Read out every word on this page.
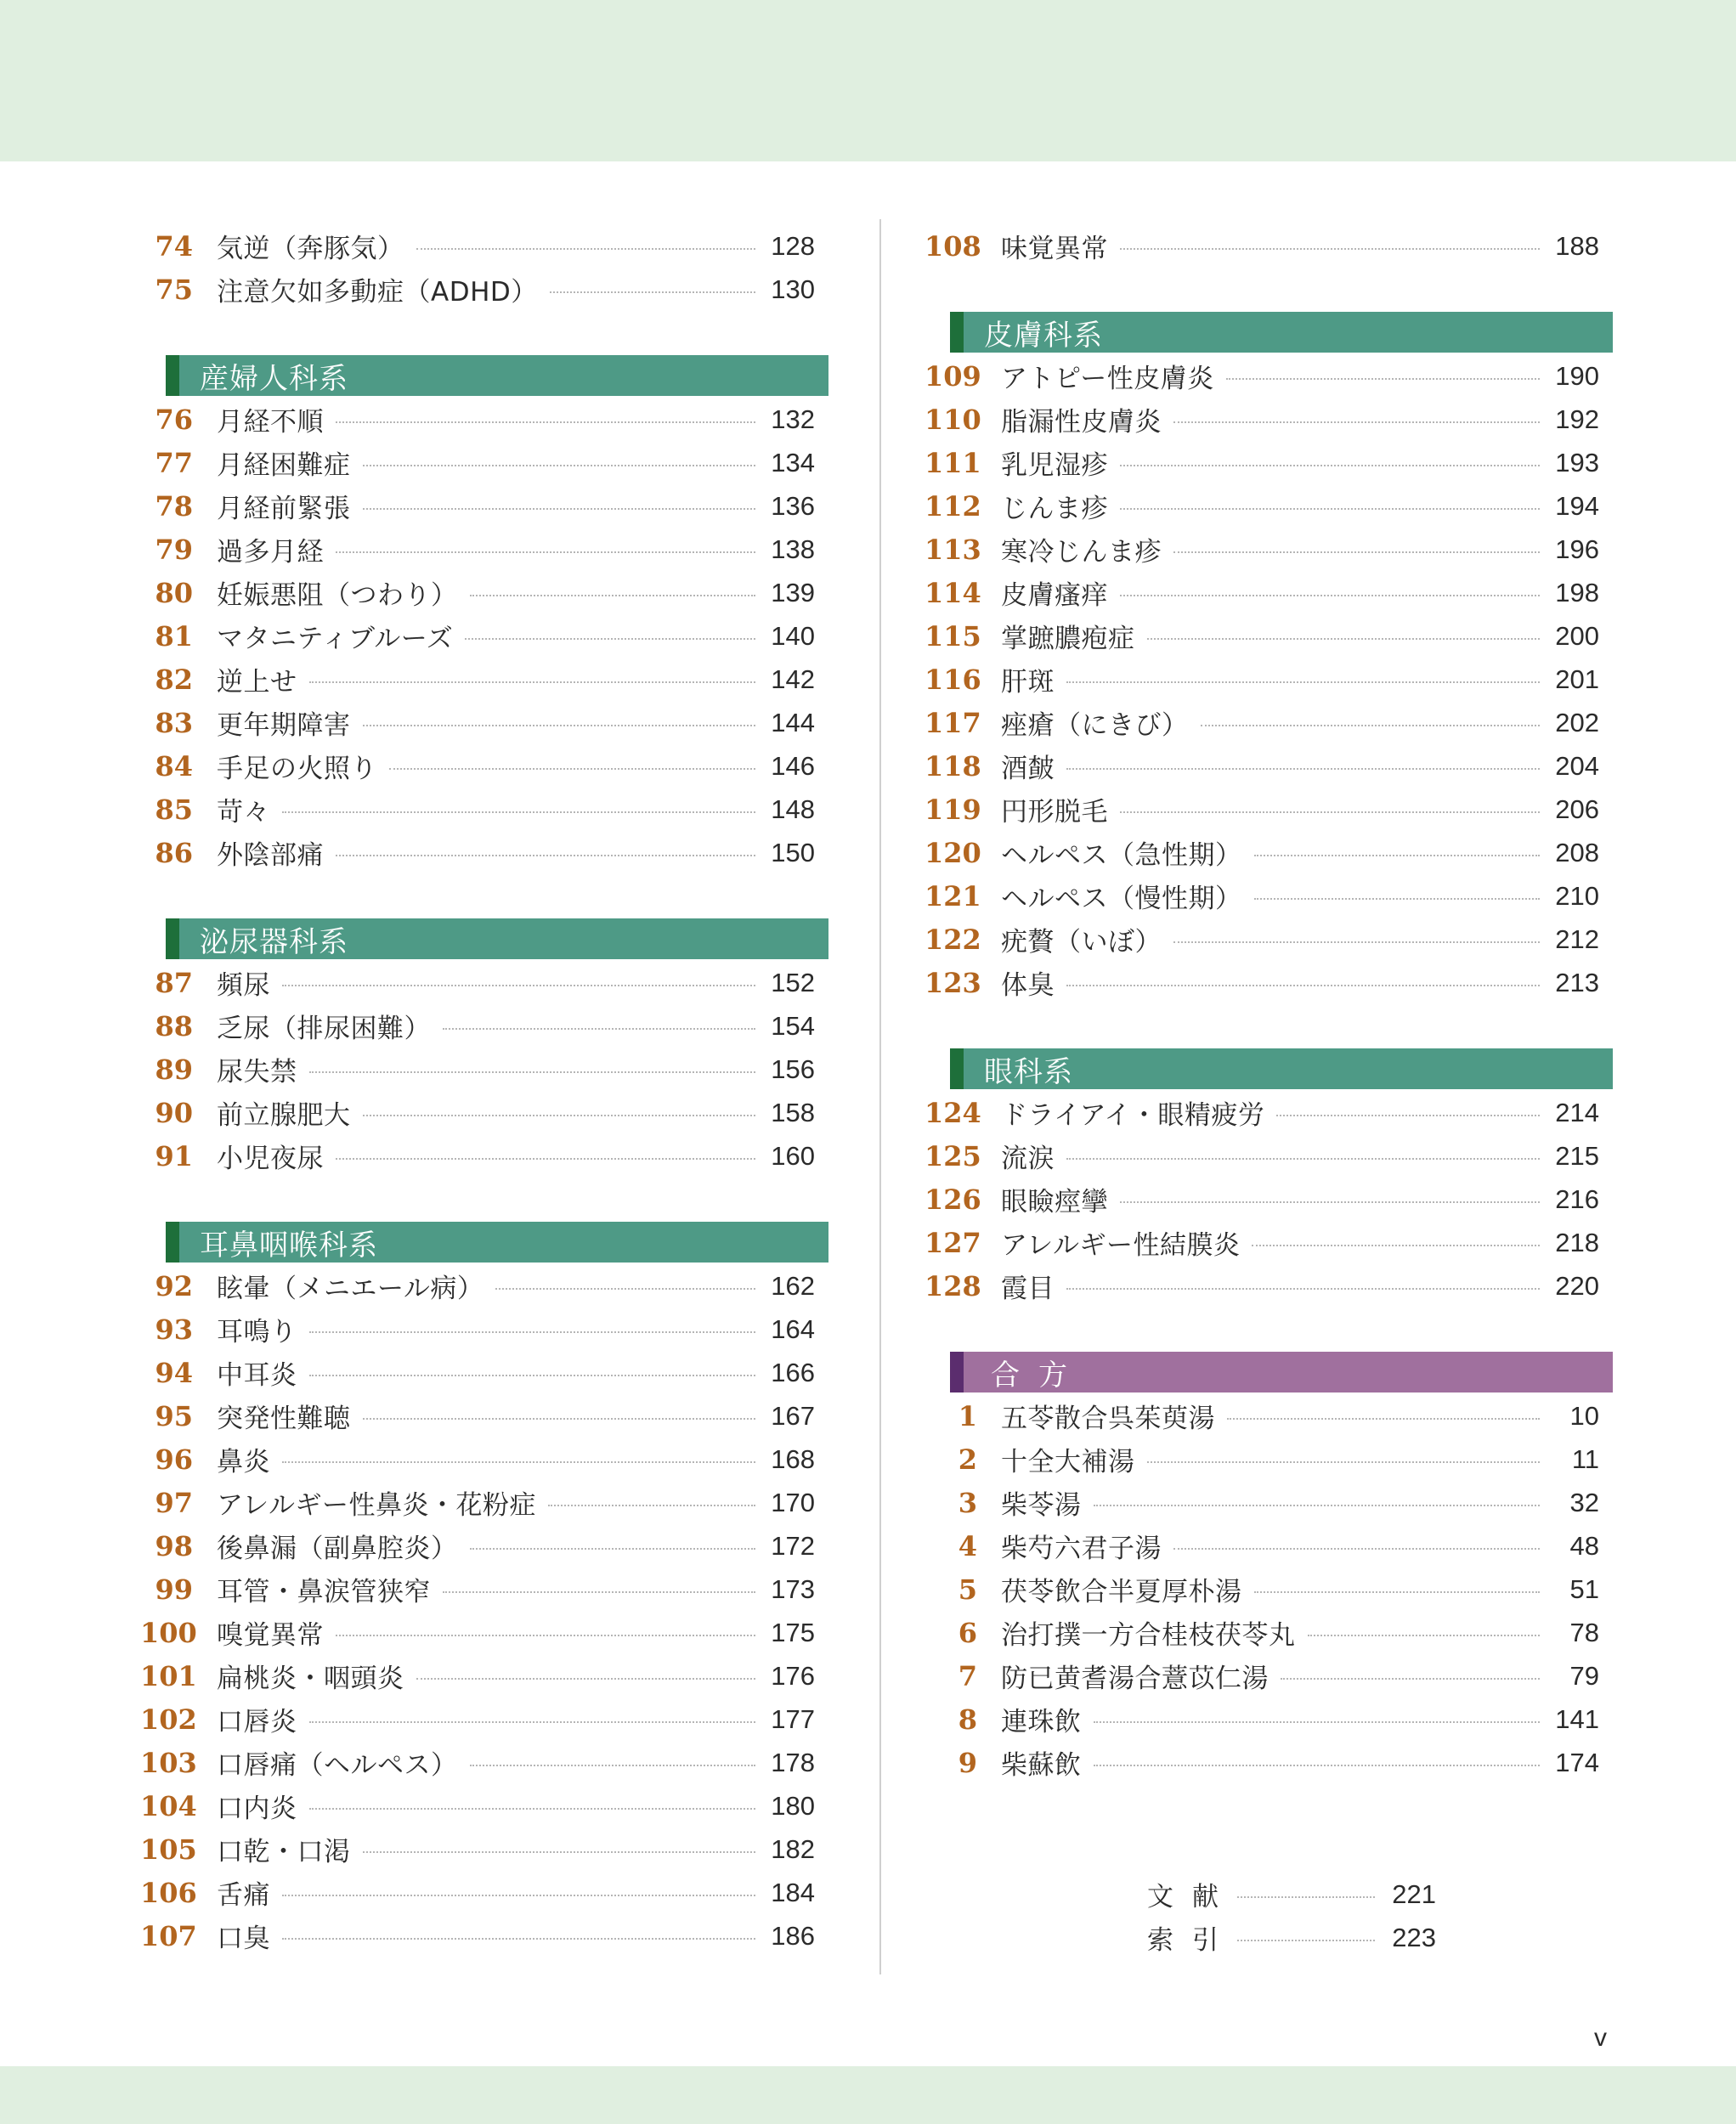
74 気逆（奔豚気）	128
75 注意欠如多動症（ADHD）	130
産婦人科系
76 月経不順	132
77 月経困難症	134
78 月経前緊張	136
79 過多月経	138
80 妊娠悪阻（つわり）	139
81 マタニティブルーズ	140
82 逆上せ	142
83 更年期障害	144
84 手足の火照り	146
85 苛々	148
86 外陰部痛	150
泌尿器科系
87 頻尿	152
88 乏尿（排尿困難）	154
89 尿失禁	156
90 前立腺肥大	158
91 小児夜尿	160
耳鼻咽喉科系
92 眩暈（メニエール病）	162
93 耳鳴り	164
94 中耳炎	166
95 突発性難聴	167
96 鼻炎	168
97 アレルギー性鼻炎・花粉症	170
98 後鼻漏（副鼻腔炎）	172
99 耳管・鼻涙管狭窄	173
100 嗅覚異常	175
101 扁桃炎・咽頭炎	176
102 口唇炎	177
103 口唇痛（ヘルペス）	178
104 口内炎	180
105 口乾・口渇	182
106 舌痛	184
107 口臭	186
108 味覚異常	188
皮膚科系
109 アトピー性皮膚炎	190
110 脂漏性皮膚炎	192
111 乳児湿疹	193
112 じんま疹	194
113 寒冷じんま疹	196
114 皮膚瘙痒	198
115 掌蹠膿疱症	200
116 肝斑	201
117 痤瘡（にきび）	202
118 酒皶	204
119 円形脱毛	206
120 ヘルペス（急性期）	208
121 ヘルペス（慢性期）	210
122 疣贅（いぼ）	212
123 体臭	213
眼科系
124 ドライアイ・眼精疲労	214
125 流涙	215
126 眼瞼痙攣	216
127 アレルギー性結膜炎	218
128 霞目	220
合方
1 五苓散合呉茱萸湯	10
2 十全大補湯	11
3 柴苓湯	32
4 柴芍六君子湯	48
5 茯苓飲合半夏厚朴湯	51
6 治打撲一方合桂枝茯苓丸	78
7 防已黄耆湯合薏苡仁湯	79
8 連珠飲	141
9 柴蘇飲	174
文献	221
索引	223
v
